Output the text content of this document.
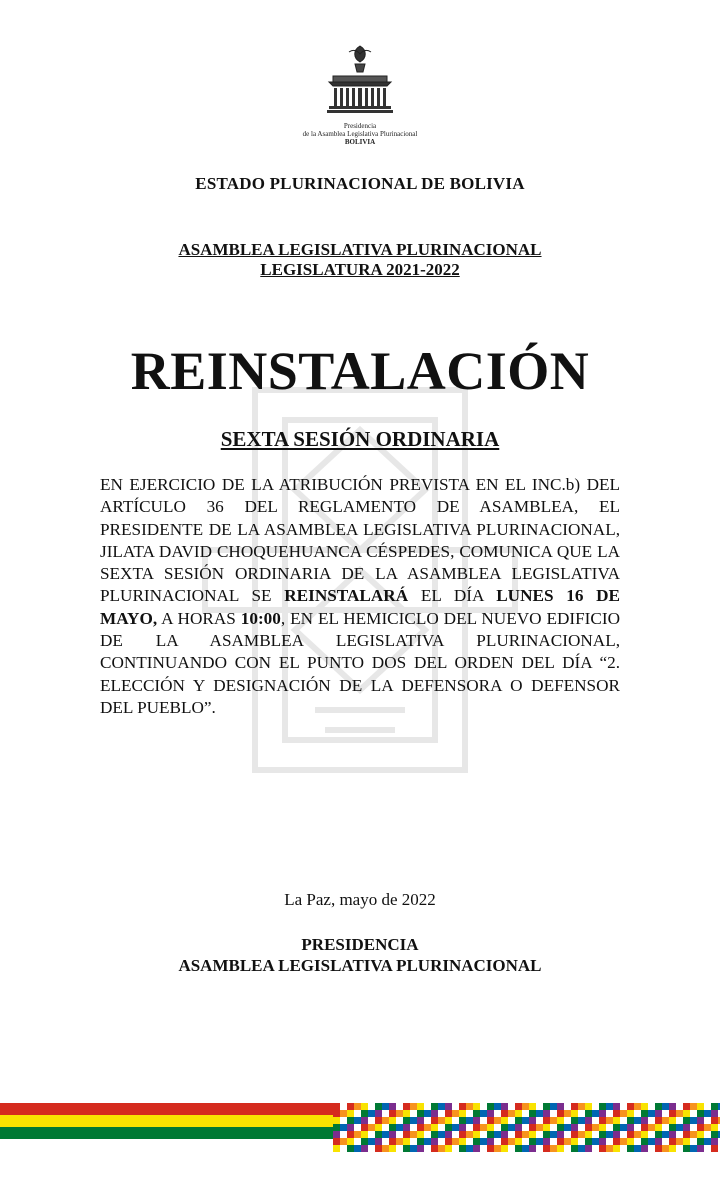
Presidencia
de la Asamblea Legislativa Plurinacional
BOLIVIA
ESTADO PLURINACIONAL DE BOLIVIA
ASAMBLEA LEGISLATIVA PLURINACIONAL
LEGISLATURA 2021-2022
REINSTALACIÓN
SEXTA SESIÓN ORDINARIA
EN EJERCICIO DE LA ATRIBUCIÓN PREVISTA EN EL INC.b) DEL ARTÍCULO 36 DEL REGLAMENTO DE ASAMBLEA, EL PRESIDENTE DE LA ASAMBLEA LEGISLATIVA PLURINACIONAL, JILATA DAVID CHOQUEHUANCA CÉSPEDES, COMUNICA QUE LA SEXTA SESIÓN ORDINARIA DE LA ASAMBLEA LEGISLATIVA PLURINACIONAL SE REINSTALARÁ EL DÍA LUNES 16 DE MAYO, A HORAS 10:00, EN EL HEMICICLO DEL NUEVO EDIFICIO DE LA ASAMBLEA LEGISLATIVA PLURINACIONAL, CONTINUANDO CON EL PUNTO DOS DEL ORDEN DEL DÍA “2. ELECCIÓN Y DESIGNACIÓN DE LA DEFENSORA O DEFENSOR DEL PUEBLO”.
La Paz, mayo de 2022
PRESIDENCIA
ASAMBLEA LEGISLATIVA PLURINACIONAL
